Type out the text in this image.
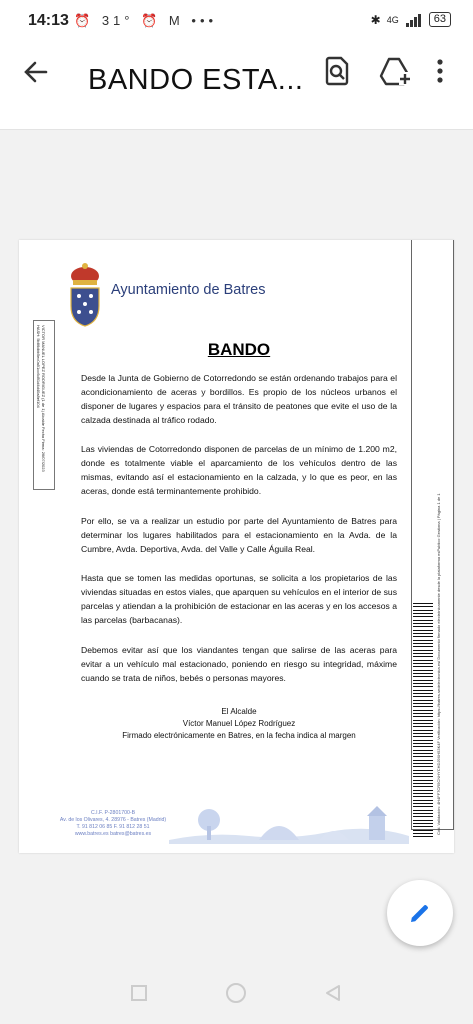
14:13 ⏰ 31° ⏰ M •••	✱ 4G	63
BANDO ESTA...
Ayuntamiento de Batres
VICTOR MANUEL LOPEZ RODRIGUEZ (1 de 1) Alcalde Fecha Firma: 26/07/2023 HASH: 5b86dbb5ec0a51cc6d91d4d40a8ef104
Cód. Validación: 4H4FF7CR5CNHYCHDJ9XH53K4F Verificación: https://batres.sedelectronica.es/ Documento firmado electrónicamente desde la plataforma esPublico Gestiona | Página 1 de 1
BANDO

Desde la Junta de Gobierno de Cotorredondo se están ordenando trabajos para el acondicionamiento de aceras y bordillos. Es propio de los núcleos urbanos el disponer de lugares y espacios para el tránsito de peatones que evite el uso de la calzada destinada al tráfico rodado.

Las viviendas de Cotorredondo disponen de parcelas de un mínimo de 1.200 m2, donde es totalmente viable el aparcamiento de los vehículos dentro de las mismas, evitando así el estacionamiento en la calzada, y lo que es peor, en las aceras, donde está terminantemente prohibido.

Por ello, se va a realizar un estudio por parte del Ayuntamiento de Batres para determinar los lugares habilitados para el estacionamiento en la Avda. de la Cumbre, Avda. Deportiva, Avda. del Valle y Calle Águila Real.

Hasta que se tomen las medidas oportunas, se solicita a los propietarios de las viviendas situadas en estos viales, que aparquen su vehículos en el interior de sus parcelas y atiendan a la prohibición de estacionar en las aceras y en los accesos a las parcelas (barbacanas).

Debemos evitar así que los viandantes tengan que salirse de las aceras para evitar a un vehículo mal estacionado, poniendo en riesgo su integridad, máxime cuando se trata de niños, bebés o personas mayores.

El Alcalde
Víctor Manuel López Rodríguez
Firmado electrónicamente en Batres, en la fecha indica al margen
C.I.F. P-2801700-B
Av. de los Olivares, 4. 28976 - Batres (Madrid)
T. 91 812 06 85 F. 91 812 28 51
www.batres.es batres@batres.es
